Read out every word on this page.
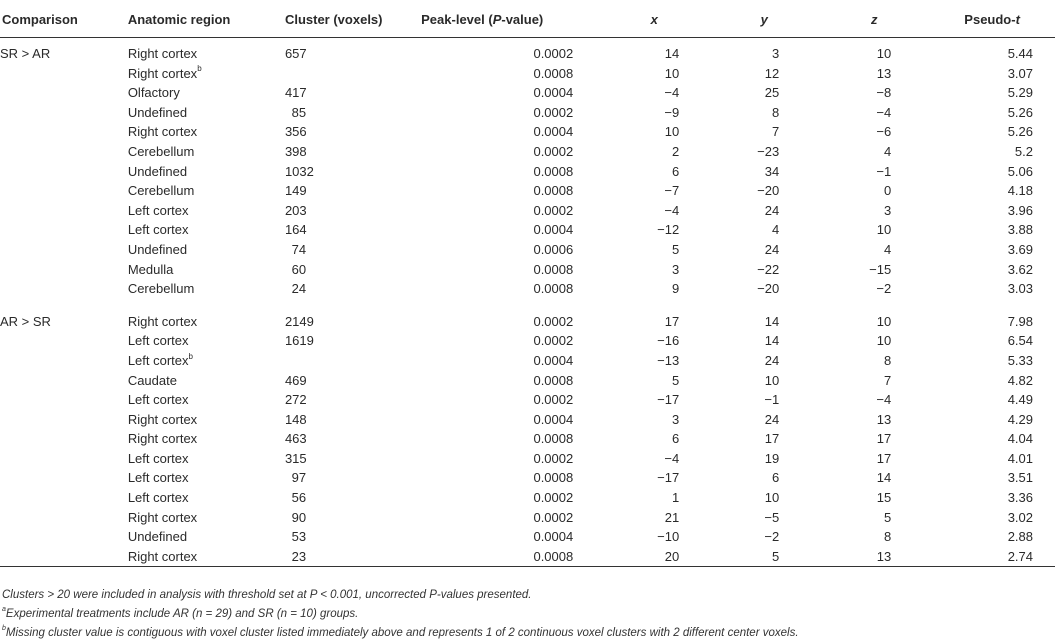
Comparison	Anatomic region	Cluster (voxels)	Peak-level (P-value)	x	y	z	Pseudo-t
SR > AR	Right cortex	657	0.0002	14	3	10	5.44
	Right cortex$^b$		0.0008	10	12	13	3.07
	Olfactory	417	0.0004	−4	25	−8	5.29
	Undefined	85	0.0002	−9	8	−4	5.26
	Right cortex	356	0.0004	10	7	−6	5.26
	Cerebellum	398	0.0002	2	−23	4	5.2
	Undefined	1032	0.0008	6	34	−1	5.06
	Cerebellum	149	0.0008	−7	−20	0	4.18
	Left cortex	203	0.0002	−4	24	3	3.96
	Left cortex	164	0.0004	−12	4	10	3.88
	Undefined	74	0.0006	5	24	4	3.69
	Medulla	60	0.0008	3	−22	−15	3.62
	Cerebellum	24	0.0008	9	−20	−2	3.03

AR > SR	Right cortex	2149	0.0002	17	14	10	7.98
	Left cortex	1619	0.0002	−16	14	10	6.54
	Left cortex$^b$		0.0004	−13	24	8	5.33
	Caudate	469	0.0008	5	10	7	4.82
	Left cortex	272	0.0002	−17	−1	−4	4.49
	Right cortex	148	0.0004	3	24	13	4.29
	Right cortex	463	0.0008	6	17	17	4.04
	Left cortex	315	0.0002	−4	19	17	4.01
	Left cortex	97	0.0008	−17	6	14	3.51
	Left cortex	56	0.0002	1	10	15	3.36
	Right cortex	90	0.0002	21	−5	5	3.02
	Undefined	53	0.0004	−10	−2	8	2.88
	Right cortex	23	0.0008	20	5	13	2.74
Clusters > 20 were included in analysis with threshold set at P < 0.001, uncorrected P-values presented.
$^a$Experimental treatments include AR (n = 29) and SR (n = 10) groups.
$^b$Missing cluster value is contiguous with voxel cluster listed immediately above and represents 1 of 2 continuous voxel clusters with 2 different center voxels.
